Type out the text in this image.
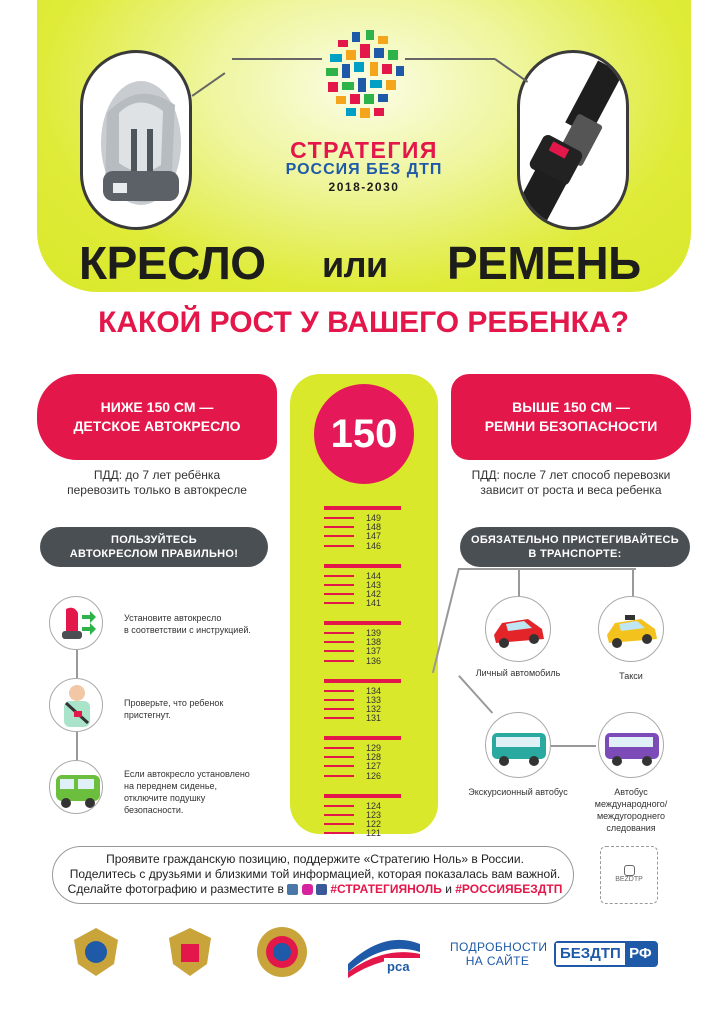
СТРАТЕГИЯ
РОССИЯ БЕЗ ДТП
2018-2030
КРЕСЛО или РЕМЕНЬ
КАКОЙ РОСТ У ВАШЕГО РЕБЕНКА?
НИЖЕ 150 СМ —
ДЕТСКОЕ АВТОКРЕСЛО
ПДД: до 7 лет ребёнка
перевозить только в автокресле
ВЫШЕ 150 СМ —
РЕМНИ БЕЗОПАСНОСТИ
ПДД: после 7 лет способ перевозки
зависит от роста и веса ребенка
150
149
148
147
146
144
143
142
141
139
138
137
136
134
133
132
131
129
128
127
126
124
123
122
121
ПОЛЬЗУЙТЕСЬ
АВТОКРЕСЛОМ ПРАВИЛЬНО!
Установите автокресло
в соответствии с инструкцией.
Проверьте, что ребенок
пристегнут.
Если автокресло установлено
на переднем сиденье,
отключите подушку
безопасности.
ОБЯЗАТЕЛЬНО ПРИСТЕГИВАЙТЕСЬ
В ТРАНСПОРТЕ:
Личный автомобиль	Такси
Экскурсионный автобус	Автобус
международного/
междугороднего
следования
Проявите гражданскую позицию, поддержите «Стратегию Ноль» в России.
Поделитесь с друзьями и близкими той информацией, которая показалась вам важной.
Сделайте фотографию и разместите в	#СТРАТЕГИЯНОЛЬ и #РОССИЯБЕЗДТП
BEZDTP
рса
ПОДРОБНОСТИ
НА САЙТЕ	БЕЗДТП РФ
